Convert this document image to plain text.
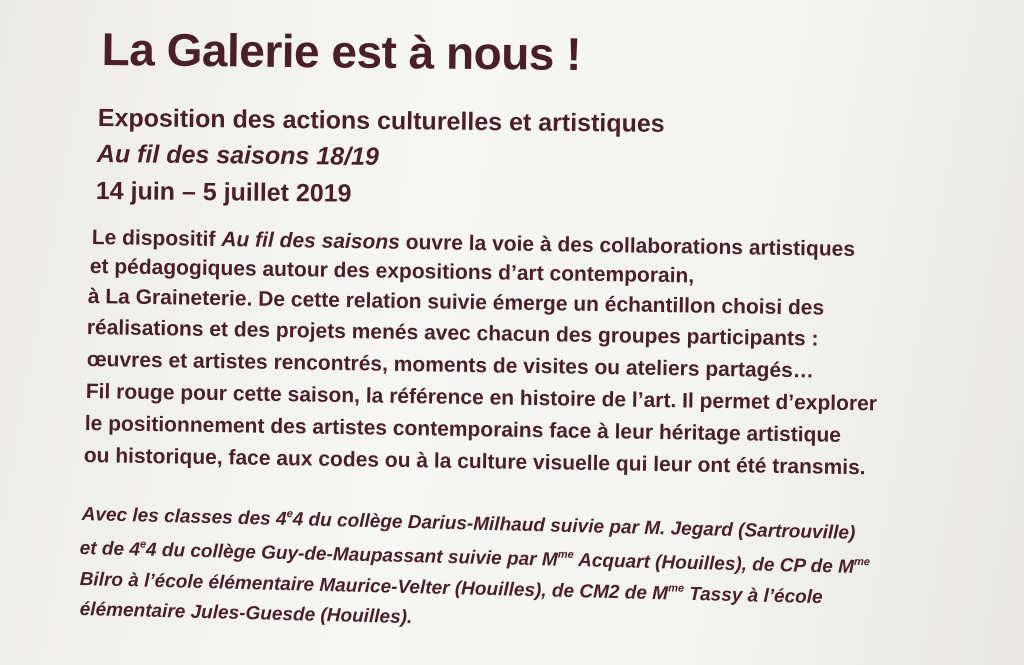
La Galerie est à nous !
Exposition des actions culturelles et artistiques
Au fil des saisons 18/19
14 juin – 5 juillet 2019
Le dispositif Au fil des saisons ouvre la voie à des collaborations artistiques
et pédagogiques autour des expositions d’art contemporain,
à La Graineterie. De cette relation suivie émerge un échantillon choisi des
réalisations et des projets menés avec chacun des groupes participants :
œuvres et artistes rencontrés, moments de visites ou ateliers partagés…
Fil rouge pour cette saison, la référence en histoire de l’art. Il permet d’explorer
le positionnement des artistes contemporains face à leur héritage artistique
ou historique, face aux codes ou à la culture visuelle qui leur ont été transmis.
Avec les classes des 4e4 du collège Darius-Milhaud suivie par M. Jegard (Sartrouville)
et de 4e4 du collège Guy-de-Maupassant suivie par $M^{me}$ Acquart (Houilles), de CP de $M^{me}$
Bilro à l’école élémentaire Maurice-Velter (Houilles), de CM2 de $M^{me}$ Tassy à l’école
élémentaire Jules-Guesde (Houilles).
